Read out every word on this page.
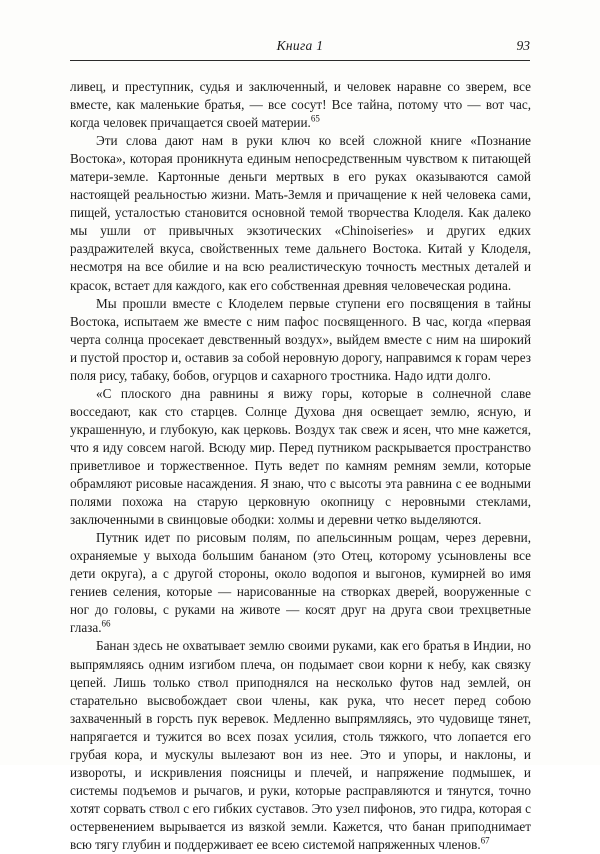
Книга 1	93

ливец, и преступник, судья и заключенный, и человек наравне со зверем, все вместе, как маленькие братья, — все сосут! Все тайна, потому что — вот час, когда человек причащается своей материи.$^{65}$

Эти слова дают нам в руки ключ ко всей сложной книге «Познание Востока», которая проникнута единым непосредственным чувством к питающей матери-земле. Картонные деньги мертвых в его руках оказываются самой настоящей реальностью жизни. Мать-Земля и причащение к ней человека сами, пищей, усталостью становится основной темой творчества Клоделя. Как далеко мы ушли от привычных экзотических «Chinoiseries» и других едких раздражителей вкуса, свойственных теме дальнего Востока. Китай у Клоделя, несмотря на все обилие и на всю реалистическую точность местных деталей и красок, встает для каждого, как его собственная древняя человеческая родина.

Мы прошли вместе с Клоделем первые ступени его посвящения в тайны Востока, испытаем же вместе с ним пафос посвященного. В час, когда «первая черта солнца просекает девственный воздух», выйдем вместе с ним на широкий и пустой простор и, оставив за собой неровную дорогу, направимся к горам через поля рису, табаку, бобов, огурцов и сахарного тростника. Надо идти долго.

«С плоского дна равнины я вижу горы, которые в солнечной славе восседают, как сто старцев. Солнце Духова дня освещает землю, ясную, и украшенную, и глубокую, как церковь. Воздух так свеж и ясен, что мне кажется, что я иду совсем нагой. Всюду мир. Перед путником раскрывается пространство приветливое и торжественное. Путь ведет по камням ремням земли, которые обрамляют рисовые насаждения. Я знаю, что с высоты эта равнина с ее водными полями похожа на старую церковную окопницу с неровными стеклами, заключенными в свинцовые ободки: холмы и деревни четко выделяются.

Путник идет по рисовым полям, по апельсинным рощам, через деревни, охраняемые у выхода большим бананом (это Отец, которому усыновлены все дети округа), а с другой стороны, около водопоя и выгонов, кумирней во имя гениев селения, которые — нарисованные на створках дверей, вооруженные с ног до головы, с руками на животе — косят друг на друга свои трехцветные глаза.$^{66}$

Банан здесь не охватывает землю своими руками, как его братья в Индии, но выпрямляясь одним изгибом плеча, он подымает свои корни к небу, как связку цепей. Лишь только ствол приподнялся на несколько футов над землей, он старательно высвобождает свои члены, как рука, что несет перед собою захваченный в горсть пук веревок. Медленно выпрямляясь, это чудовище тянет, напрягается и тужится во всех позах усилия, столь тяжкого, что лопается его грубая кора, и мускулы вылезают вон из нее. Это и упоры, и наклоны, и извороты, и искривления поясницы и плечей, и напряжение подмышек, и системы подъемов и рычагов, и руки, которые расправляются и тянутся, точно хотят сорвать ствол с его гибких суставов. Это узел пифонов, это гидра, которая с остервенением вырывается из вязкой земли. Кажется, что банан приподнимает всю тягу глубин и поддерживает ее всею системой напряженных членов.$^{67}$
